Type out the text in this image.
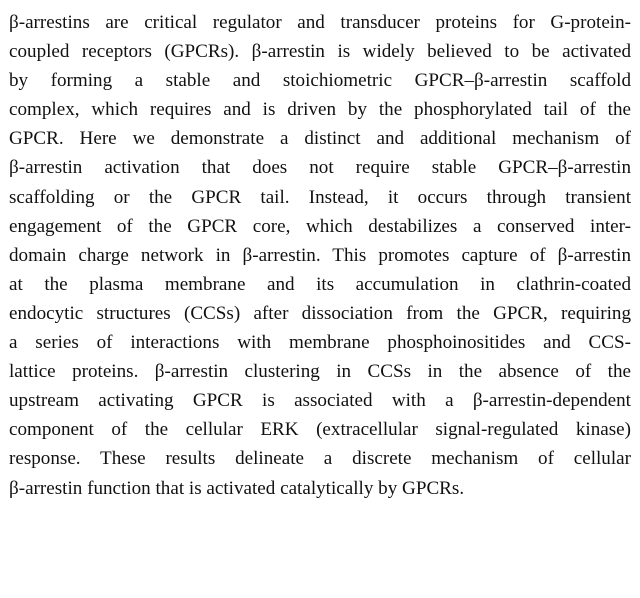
β-arrestins are critical regulator and transducer proteins for G-protein-
coupled receptors (GPCRs). β-arrestin is widely believed to be activated
by forming a stable and stoichiometric GPCR–β-arrestin scaffold
complex, which requires and is driven by the phosphorylated tail of the
GPCR. Here we demonstrate a distinct and additional mechanism of
β-arrestin activation that does not require stable GPCR–β-arrestin
scaffolding or the GPCR tail. Instead, it occurs through transient
engagement of the GPCR core, which destabilizes a conserved inter-
domain charge network in β-arrestin. This promotes capture of β-arrestin
at the plasma membrane and its accumulation in clathrin-coated
endocytic structures (CCSs) after dissociation from the GPCR, requiring
a series of interactions with membrane phosphoinositides and CCS-
lattice proteins. β-arrestin clustering in CCSs in the absence of the
upstream activating GPCR is associated with a β-arrestin-dependent
component of the cellular ERK (extracellular signal-regulated kinase)
response. These results delineate a discrete mechanism of cellular
β-arrestin function that is activated catalytically by GPCRs.
